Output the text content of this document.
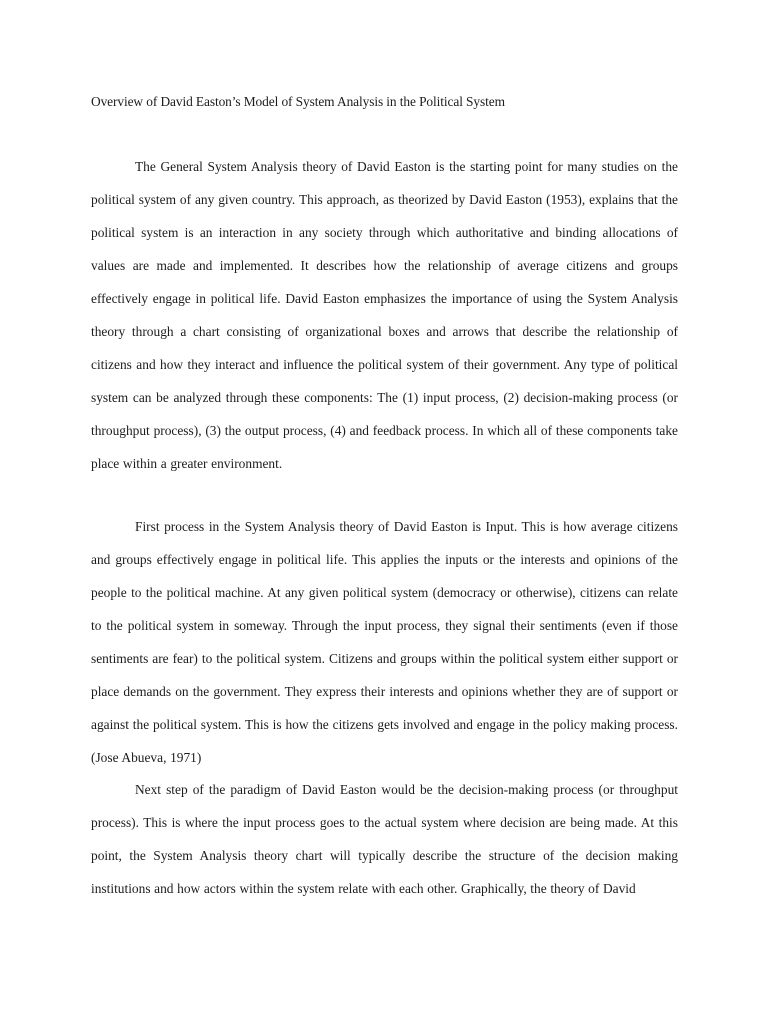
Overview of David Easton’s Model of System Analysis in the Political System

The General System Analysis theory of David Easton is the starting point for many studies on the political system of any given country. This approach, as theorized by David Easton (1953), explains that the political system is an interaction in any society through which authoritative and binding allocations of values are made and implemented. It describes how the relationship of average citizens and groups effectively engage in political life. David Easton emphasizes the importance of using the System Analysis theory through a chart consisting of organizational boxes and arrows that describe the relationship of citizens and how they interact and influence the political system of their government. Any type of political system can be analyzed through these components: The (1) input process, (2) decision-making process (or throughput process), (3) the output process, (4) and feedback process. In which all of these components take place within a greater environment.

First process in the System Analysis theory of David Easton is Input. This is how average citizens and groups effectively engage in political life. This applies the inputs or the interests and opinions of the people to the political machine. At any given political system (democracy or otherwise), citizens can relate to the political system in someway. Through the input process, they signal their sentiments (even if those sentiments are fear) to the political system. Citizens and groups within the political system either support or place demands on the government. They express their interests and opinions whether they are of support or against the political system. This is how the citizens gets involved and engage in the policy making process. (Jose Abueva, 1971)

Next step of the paradigm of David Easton would be the decision-making process (or throughput process). This is where the input process goes to the actual system where decision are being made. At this point, the System Analysis theory chart will typically describe the structure of the decision making institutions and how actors within the system relate with each other. Graphically, the theory of David
